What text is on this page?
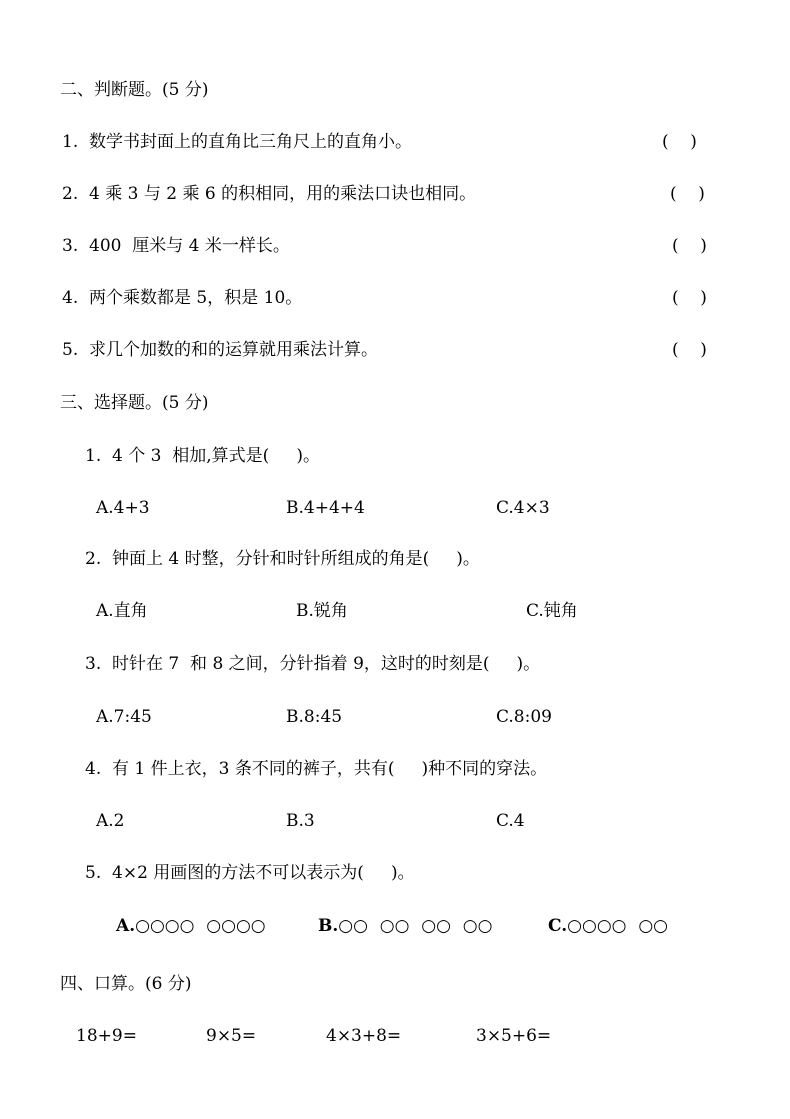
二、判断题。(5 分)
1.  数学书封面上的直角比三角尺上的直角小。	(    )
2.  4 乘 3 与 2 乘 6 的积相同，用的乘法口诀也相同。	(    )
3.  400  厘米与 4 米一样长。	(    )
4.  两个乘数都是 5，积是 10。	(    )
5.  求几个加数的和的运算就用乘法计算。	(    )
三、选择题。(5 分)
1.  4 个 3  相加,算式是(     )。
A.4+3	B.4+4+4	C.4×3
2.  钟面上 4 时整，分针和时针所组成的角是(     )。
A.直角	B.锐角	C.钝角
3.  时针在 7  和 8 之间，分针指着 9，这时的时刻是(     )。
A.7:45	B.8:45	C.8:09
4.  有 1 件上衣，3 条不同的裤子，共有(     )种不同的穿法。
A.2	B.3	C.4
5.  4×2 用画图的方法不可以表示为(     )。
A.○○○○  ○○○○	B.○○  ○○  ○○  ○○	C.○○○○  ○○
四、口算。(6 分)
18+9=	9×5=	4×3+8=	3×5+6=
